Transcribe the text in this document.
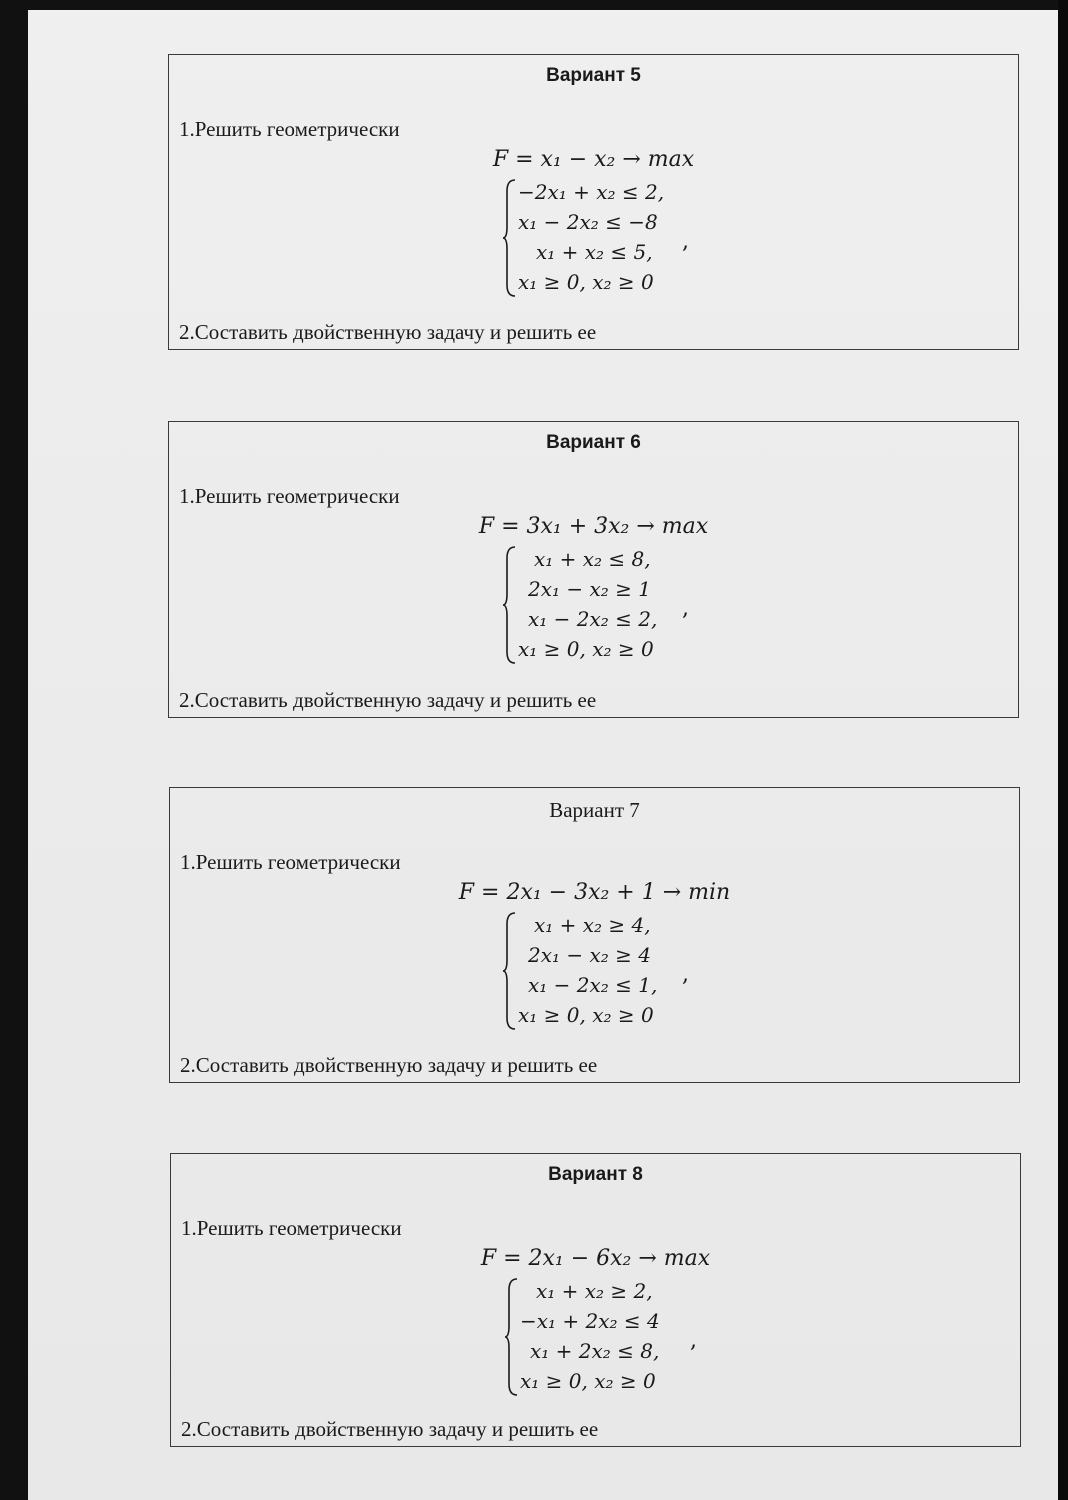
Вариант 5
1.Решить геометрически
F = x₁ − x₂ → max
−2x₁ + x₂ ≤ 2,
x₁ − 2x₂ ≤ −8
x₁ + x₂ ≤ 5,
x₁ ≥ 0, x₂ ≥ 0
,
2.Составить двойственную задачу и решить ее
Вариант 6
1.Решить геометрически
F = 3x₁ + 3x₂ → max
x₁ + x₂ ≤ 8,
2x₁ − x₂ ≥ 1
x₁ − 2x₂ ≤ 2,
x₁ ≥ 0, x₂ ≥ 0
,
2.Составить двойственную задачу и решить ее
Вариант 7
1.Решить геометрически
F = 2x₁ − 3x₂ + 1 → min
x₁ + x₂ ≥ 4,
2x₁ − x₂ ≥ 4
x₁ − 2x₂ ≤ 1,
x₁ ≥ 0, x₂ ≥ 0
,
2.Составить двойственную задачу и решить ее
Вариант 8
1.Решить геометрически
F = 2x₁ − 6x₂ → max
x₁ + x₂ ≥ 2,
−x₁ + 2x₂ ≤ 4
x₁ + 2x₂ ≤ 8,
x₁ ≥ 0, x₂ ≥ 0
,
2.Составить двойственную задачу и решить ее
